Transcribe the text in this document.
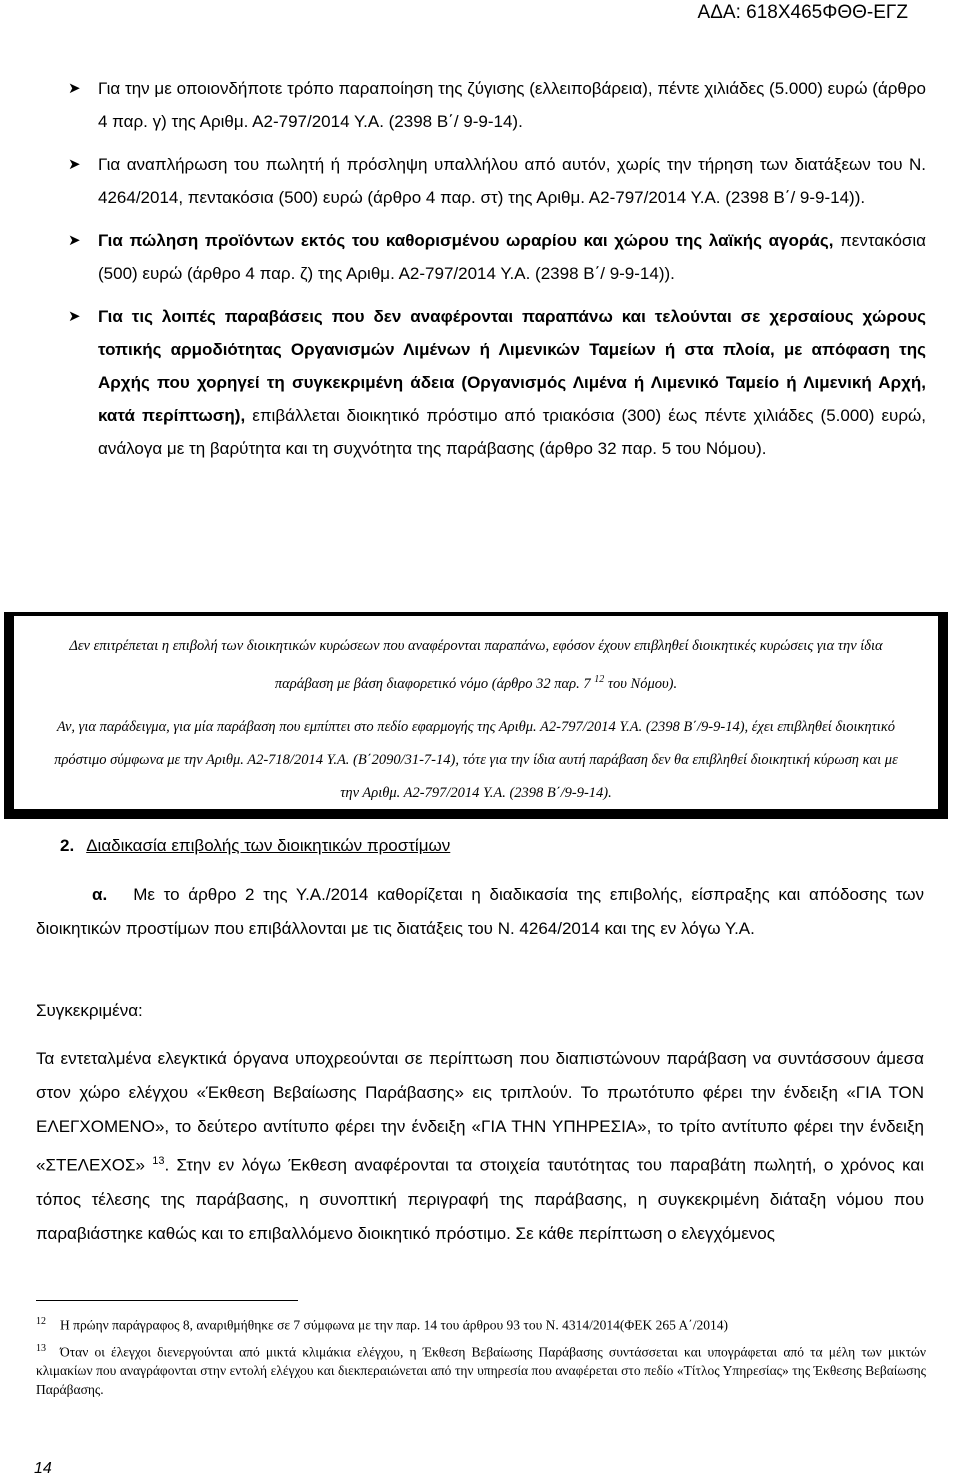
ΑΔΑ: 618Χ465ΦΘΘ-ΕΓΖ
➤ Για την με οποιονδήποτε τρόπο παραποίηση της ζύγισης (ελλειποβάρεια), πέντε χιλιάδες (5.000) ευρώ (άρθρο 4 παρ. γ) της Αριθμ. Α2-797/2014 Υ.Α. (2398 Β΄/ 9-9-14).
➤ Για αναπλήρωση του πωλητή ή πρόσληψη υπαλλήλου από αυτόν, χωρίς την τήρηση των διατάξεων του Ν. 4264/2014, πεντακόσια (500) ευρώ (άρθρο 4 παρ. στ) της Αριθμ. Α2-797/2014 Υ.Α. (2398 Β΄/ 9-9-14)).
➤ Για πώληση προϊόντων εκτός του καθορισμένου ωραρίου και χώρου της λαϊκής αγοράς, πεντακόσια (500) ευρώ (άρθρο 4 παρ. ζ) της Αριθμ. Α2-797/2014 Υ.Α. (2398 Β΄/ 9-9-14)).
➤ Για τις λοιπές παραβάσεις που δεν αναφέρονται παραπάνω και τελούνται σε χερσαίους χώρους τοπικής αρμοδιότητας Οργανισμών Λιμένων ή Λιμενικών Ταμείων ή στα πλοία, με απόφαση της Αρχής που χορηγεί τη συγκεκριμένη άδεια (Οργανισμός Λιμένα ή Λιμενικό Ταμείο ή Λιμενική Αρχή, κατά περίπτωση), επιβάλλεται διοικητικό πρόστιμο από τριακόσια (300) έως πέντε χιλιάδες (5.000) ευρώ, ανάλογα με τη βαρύτητα και τη συχνότητα της παράβασης (άρθρο 32 παρ. 5 του Νόμου).

Δεν επιτρέπεται η επιβολή των διοικητικών κυρώσεων που αναφέρονται παραπάνω, εφόσον έχουν επιβληθεί διοικητικές κυρώσεις για την ίδια παράβαση με βάση διαφορετικό νόμο (άρθρο 32 παρ. 7 $^{12}$ του Νόμου).

Αν, για παράδειγμα, για μία παράβαση που εμπίπτει στο πεδίο εφαρμογής της Αριθμ. Α2-797/2014 Υ.Α. (2398 Β΄/9-9-14), έχει επιβληθεί διοικητικό πρόστιμο σύμφωνα με την Αριθμ. Α2-718/2014 Υ.Α. (Β΄2090/31-7-14), τότε για την ίδια αυτή παράβαση δεν θα επιβληθεί διοικητική κύρωση και με την Αριθμ. Α2-797/2014 Υ.Α. (2398 Β΄/9-9-14).

2. Διαδικασία επιβολής των διοικητικών προστίμων
α. Με το άρθρο 2 της Υ.Α./2014 καθορίζεται η διαδικασία της επιβολής, είσπραξης και απόδοσης των διοικητικών προστίμων που επιβάλλονται με τις διατάξεις του Ν. 4264/2014 και της εν λόγω Υ.Α.
Συγκεκριμένα:
Τα εντεταλμένα ελεγκτικά όργανα υποχρεούνται σε περίπτωση που διαπιστώνουν παράβαση να συντάσσουν άμεσα στον χώρο ελέγχου «Έκθεση Βεβαίωσης Παράβασης» εις τριπλούν. Το πρωτότυπο φέρει την ένδειξη «ΓΙΑ ΤΟΝ ΕΛΕΓΧΟΜΕΝΟ», το δεύτερο αντίτυπο φέρει την ένδειξη «ΓΙΑ ΤΗΝ ΥΠΗΡΕΣΙΑ», το τρίτο αντίτυπο φέρει την ένδειξη «ΣΤΕΛΕΧΟΣ» $^{13}$. Στην εν λόγω Έκθεση αναφέρονται τα στοιχεία ταυτότητας του παραβάτη πωλητή, ο χρόνος και τόπος τέλεσης της παράβασης, η συνοπτική περιγραφή της παράβασης, η συγκεκριμένη διάταξη νόμου που παραβιάστηκε καθώς και το επιβαλλόμενο διοικητικό πρόστιμο. Σε κάθε περίπτωση ο ελεγχόμενος
$^{12}$ Η πρώην παράγραφος 8, αναριθμήθηκε σε 7 σύμφωνα με την παρ. 14 του άρθρου 93 του Ν. 4314/2014(ΦΕΚ 265 Α΄/2014)
$^{13}$ Όταν οι έλεγχοι διενεργούνται από μικτά κλιμάκια ελέγχου, η Έκθεση Βεβαίωσης Παράβασης συντάσσεται και υπογράφεται από τα μέλη των μικτών κλιμακίων που αναγράφονται στην εντολή ελέγχου και διεκπεραιώνεται από την υπηρεσία που αναφέρεται στο πεδίο «Τίτλος Υπηρεσίας» της Έκθεσης Βεβαίωσης Παράβασης.
14
